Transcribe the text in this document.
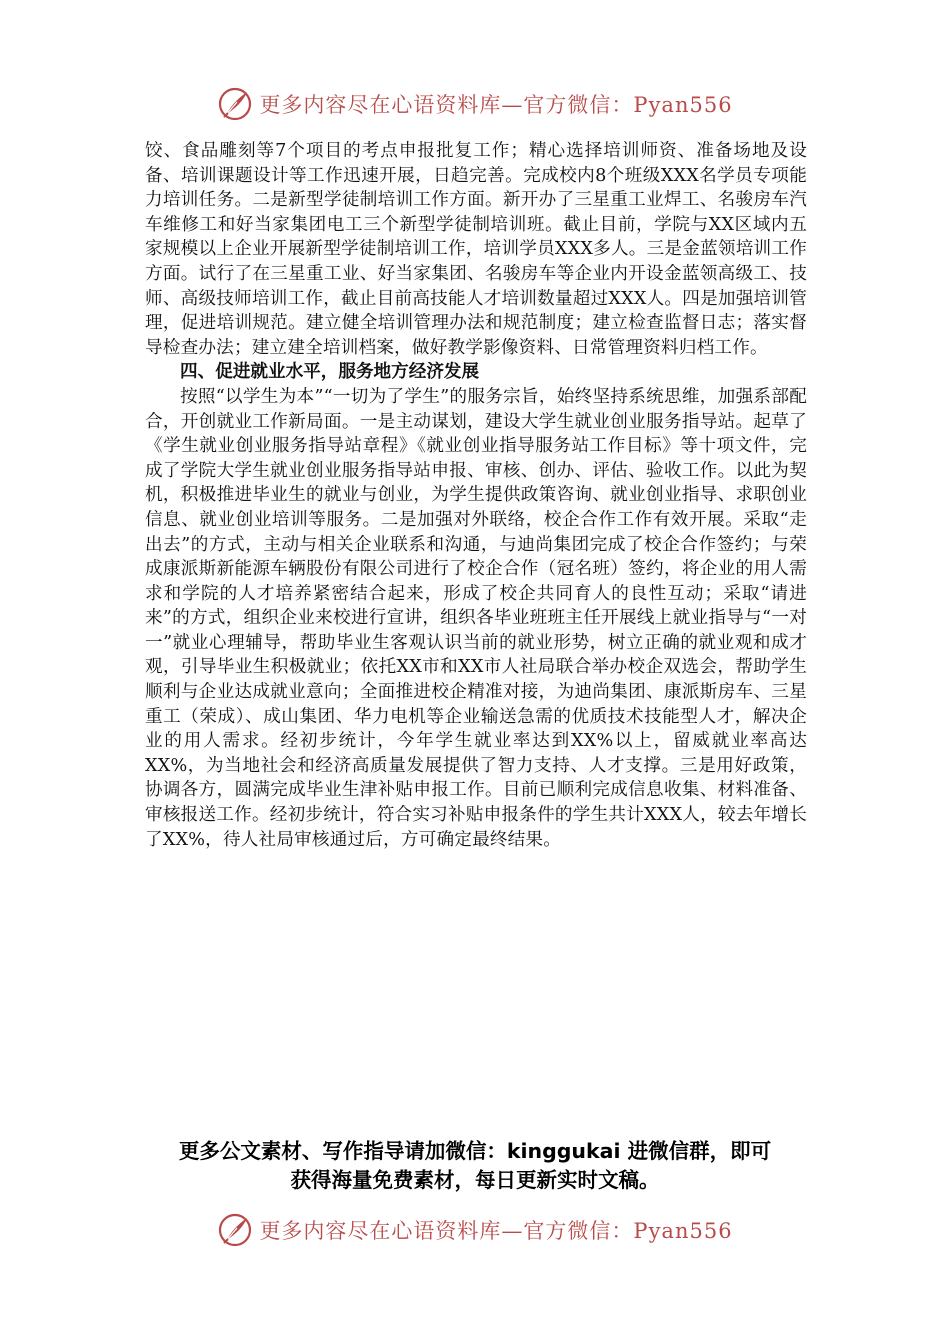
更多内容尽在心语资料库—官方微信：Pyan556

饺、食品雕刻等7个项目的考点申报批复工作；精心选择培训师资、准备场地及设备、培训课题设计等工作迅速开展，日趋完善。完成校内8个班级XXX名学员专项能力培训任务。二是新型学徒制培训工作方面。新开办了三星重工业焊工、名骏房车汽车维修工和好当家集团电工三个新型学徒制培训班。截止目前，学院与XX区域内五家规模以上企业开展新型学徒制培训工作，培训学员XXX多人。三是金蓝领培训工作方面。试行了在三星重工业、好当家集团、名骏房车等企业内开设金蓝领高级工、技师、高级技师培训工作，截止目前高技能人才培训数量超过XXX人。四是加强培训管理，促进培训规范。建立健全培训管理办法和规范制度；建立检查监督日志；落实督导检查办法；建立建全培训档案，做好教学影像资料、日常管理资料归档工作。

四、促进就业水平，服务地方经济发展

按照“以学生为本”“一切为了学生”的服务宗旨，始终坚持系统思维，加强系部配合，开创就业工作新局面。一是主动谋划，建设大学生就业创业服务指导站。起草了《学生就业创业服务指导站章程》《就业创业指导服务站工作目标》等十项文件，完成了学院大学生就业创业服务指导站申报、审核、创办、评估、验收工作。以此为契机，积极推进毕业生的就业与创业，为学生提供政策咨询、就业创业指导、求职创业信息、就业创业培训等服务。二是加强对外联络，校企合作工作有效开展。采取“走出去”的方式，主动与相关企业联系和沟通，与迪尚集团完成了校企合作签约；与荣成康派斯新能源车辆股份有限公司进行了校企合作（冠名班）签约，将企业的用人需求和学院的人才培养紧密结合起来，形成了校企共同育人的良性互动；采取“请进来”的方式，组织企业来校进行宣讲，组织各毕业班班主任开展线上就业指导与“一对一”就业心理辅导，帮助毕业生客观认识当前的就业形势，树立正确的就业观和成才观，引导毕业生积极就业；依托XX市和XX市人社局联合举办校企双选会，帮助学生顺利与企业达成就业意向；全面推进校企精准对接，为迪尚集团、康派斯房车、三星重工（荣成）、成山集团、华力电机等企业输送急需的优质技术技能型人才，解决企业的用人需求。经初步统计，今年学生就业率达到XX%以上，留威就业率高达XX%，为当地社会和经济高质量发展提供了智力支持、人才支撑。三是用好政策，协调各方，圆满完成毕业生津补贴申报工作。目前已顺利完成信息收集、材料准备、审核报送工作。经初步统计，符合实习补贴申报条件的学生共计XXX人，较去年增长了XX%，待人社局审核通过后，方可确定最终结果。

更多公文素材、写作指导请加微信：kinggukai 进微信群，即可
获得海量免费素材，每日更新实时文稿。
更多内容尽在心语资料库—官方微信：Pyan556
